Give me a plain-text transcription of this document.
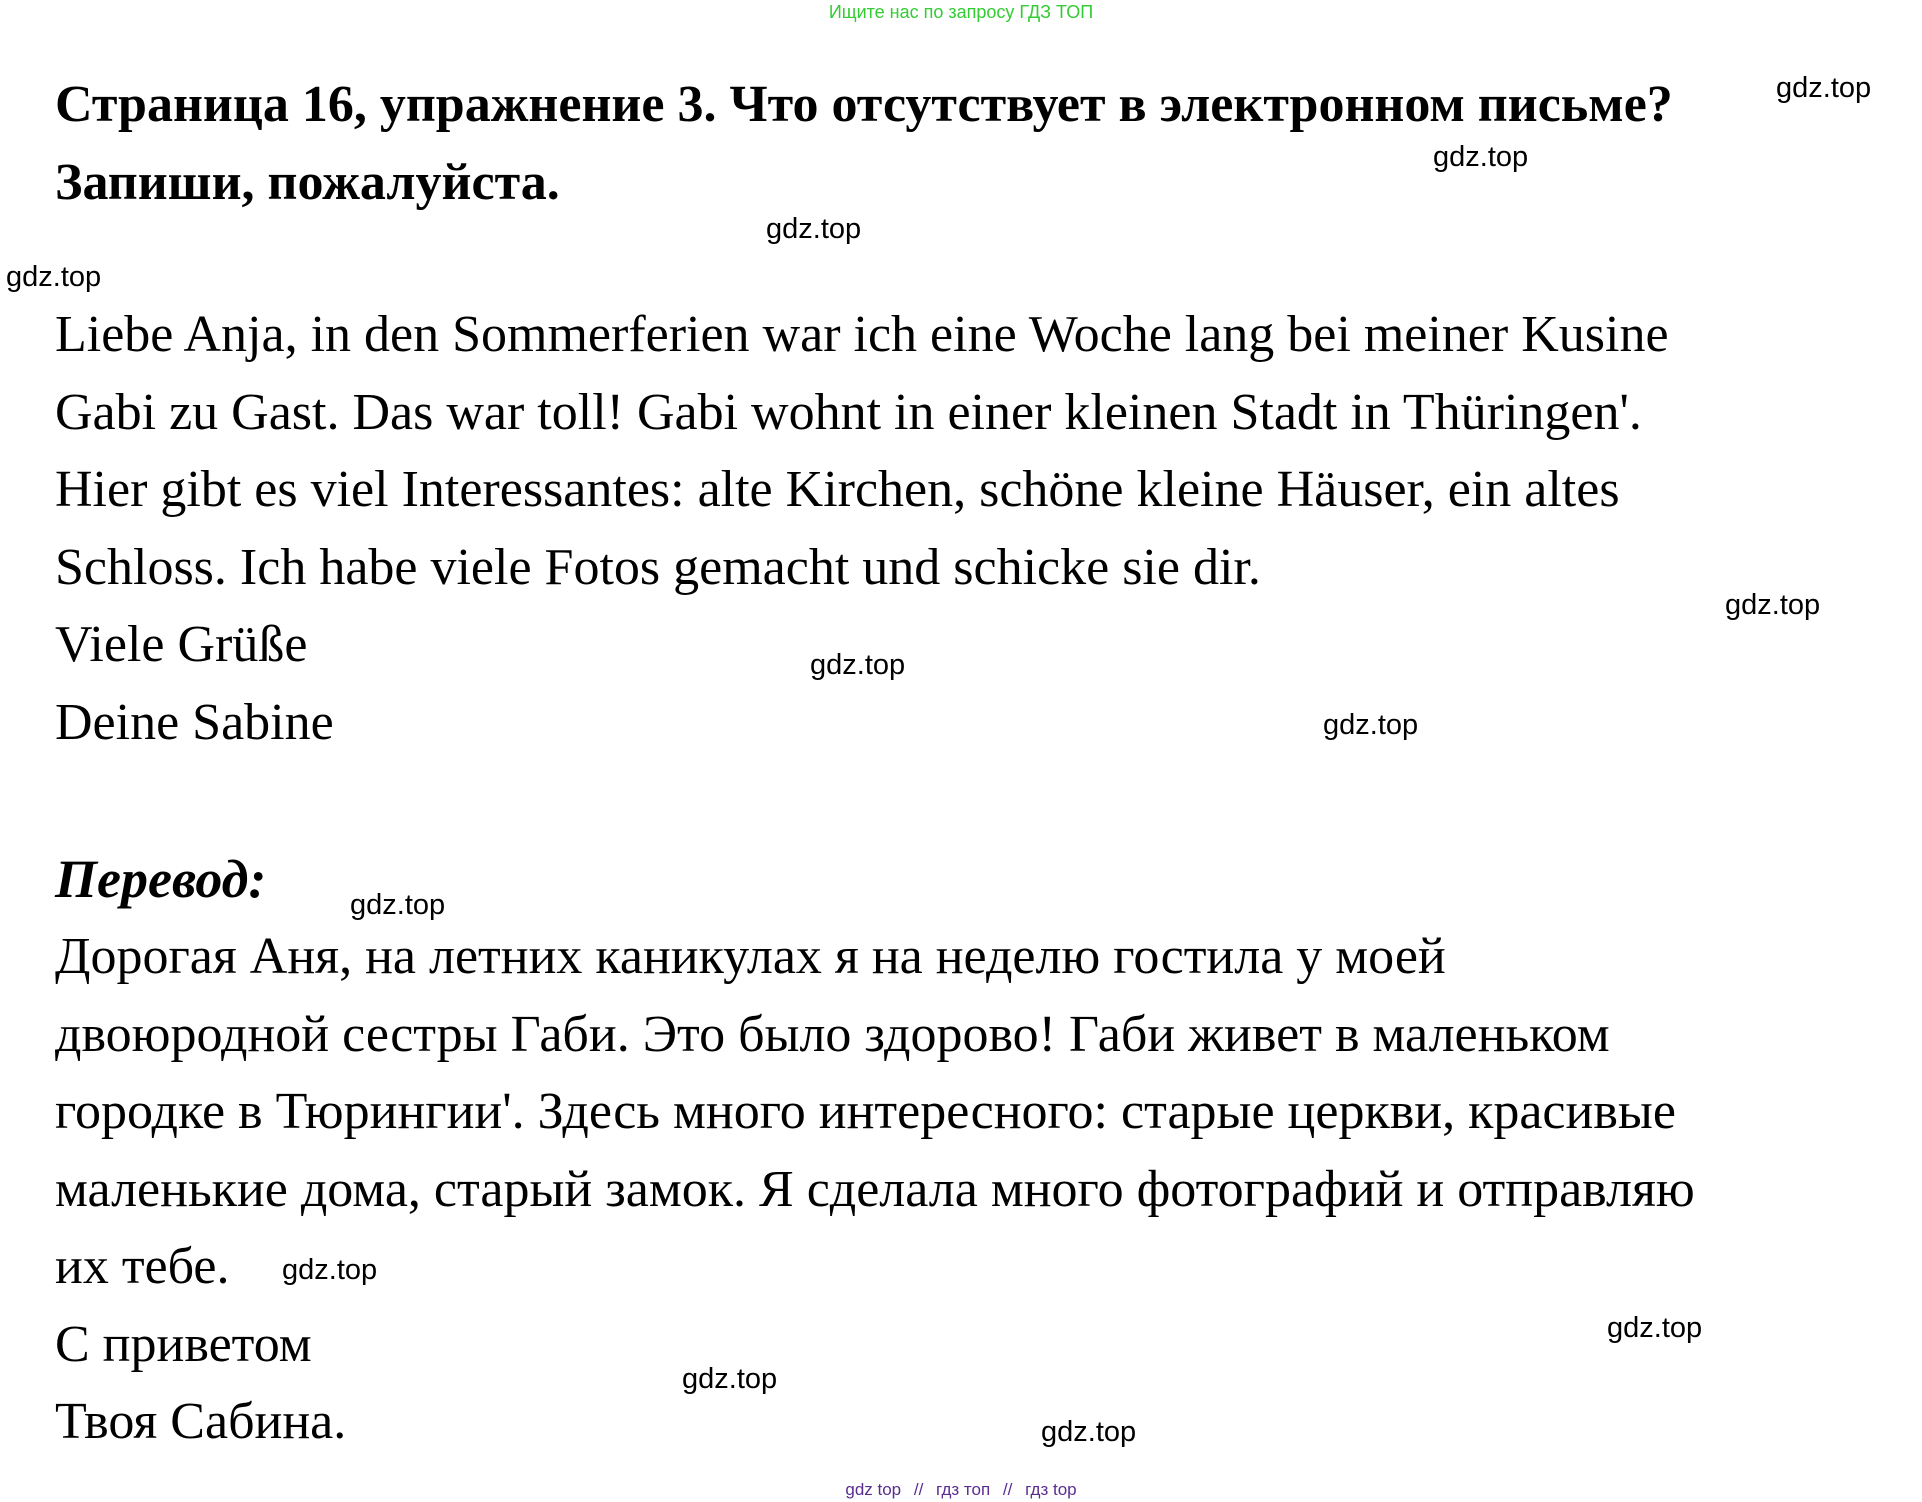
Ищите нас по запросу ГДЗ ТОП
Страница 16, упражнение 3. Что отсутствует в электронном письме? Запиши, пожалуйста.
Liebe Anja, in den Sommerferien war ich eine Woche lang bei meiner Kusine
Gabi zu Gast. Das war toll! Gabi wohnt in einer kleinen Stadt in Thüringen'.
Hier gibt es viel Interessantes: alte Kirchen, schöne kleine Häuser, ein altes
Schloss. Ich habe viele Fotos gemacht und schicke sie dir.
Viele Grüße
Deine Sabine
Перевод:
Дорогая Аня, на летних каникулах я на неделю гостила у моей
двоюродной сестры Габи. Это было здорово! Габи живет в маленьком
городке в Тюрингии'. Здесь много интересного: старые церкви, красивые
маленькие дома, старый замок. Я сделала много фотографий и отправляю
их тебе.
С приветом
Твоя Сабина.
gdz.top
gdz.top
gdz.top
gdz.top
gdz.top
gdz.top
gdz.top
gdz.top
gdz.top
gdz.top
gdz.top
gdz.top
gdz top // гдз топ // гдз top
